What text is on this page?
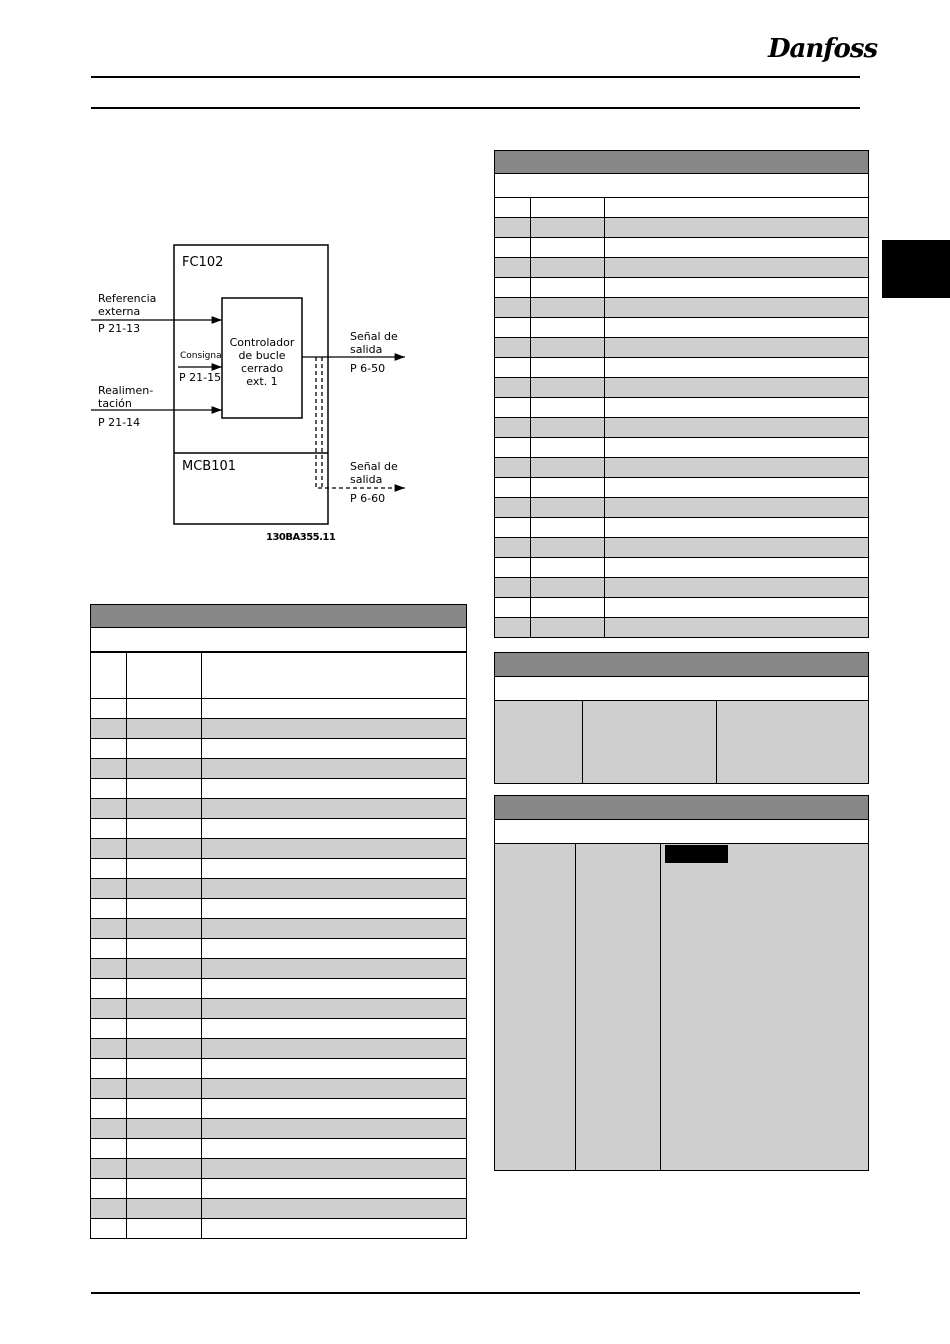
Danfoss
FC102
MCB101
Controlador
de bucle
cerrado
ext. 1
Referencia
externa
P 21-13
Consigna
P 21-15
Realimen-
tación
P 21-14
Señal de
salida
P 6-50
Señal de
salida
P 6-60
130BA355.11
